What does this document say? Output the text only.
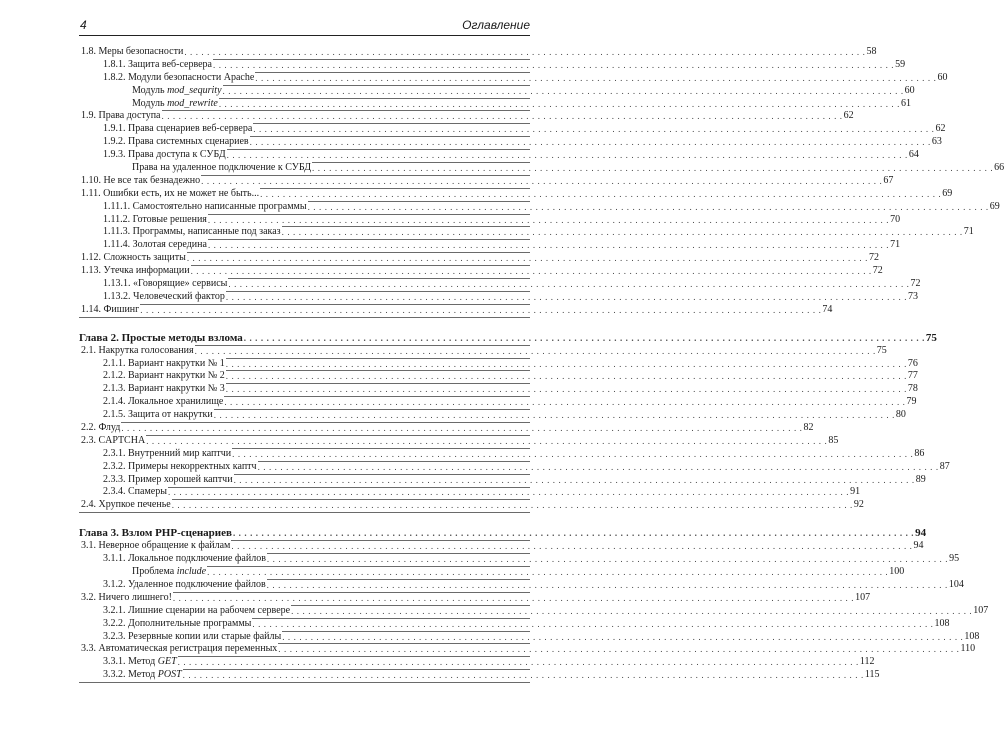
4	Оглавление
1.8. Меры безопасности . . . . . . . . . . . . . . . . . . . . . . . . . . . . . . . . . . . . . . . . . . . . . . . . . . . . . . . . . . . . . . . . . . . . . . . . . . . . . . . . . . . . . . . . . . . . . . . . . . . . . . . . . . . . . . . . . . . . . . . . 58
1.8.1. Защита веб-сервера . . . . . . . . . . . . . . . . . . . . . . . . . . . . . . . . . . . . . . . . . . . . . . . . . . . . . . . . . . . . . . . . . . . . . . . . . . . . . . . . . . . . . . . . . . . . . . . . . . . . . . . . . . . . . . . . . . . . . . . . 59
1.8.2. Модули безопасности Apache . . . . . . . . . . . . . . . . . . . . . . . . . . . . . . . . . . . . . . . . . . . . . . . . . . . . . . . . . . . . . . . . . . . . . . . . . . . . . . . . . . . . . . . . . . . . . . . . . . . . . . . . . . . . . . . . . . . . . . . . 60
Модуль mod_sequrity . . . . . . . . . . . . . . . . . . . . . . . . . . . . . . . . . . . . . . . . . . . . . . . . . . . . . . . . . . . . . . . . . . . . . . . . . . . . . . . . . . . . . . . . . . . . . . . . . . . . . . . . . . . . . . . . . . . . . . . . 60
Модуль mod_rewrite . . . . . . . . . . . . . . . . . . . . . . . . . . . . . . . . . . . . . . . . . . . . . . . . . . . . . . . . . . . . . . . . . . . . . . . . . . . . . . . . . . . . . . . . . . . . . . . . . . . . . . . . . . . . . . . . . . . . . . . . 61
1.9. Права доступа . . . . . . . . . . . . . . . . . . . . . . . . . . . . . . . . . . . . . . . . . . . . . . . . . . . . . . . . . . . . . . . . . . . . . . . . . . . . . . . . . . . . . . . . . . . . . . . . . . . . . . . . . . . . . . . . . . . . . . . . 62
1.9.1. Права сценариев веб-сервера . . . . . . . . . . . . . . . . . . . . . . . . . . . . . . . . . . . . . . . . . . . . . . . . . . . . . . . . . . . . . . . . . . . . . . . . . . . . . . . . . . . . . . . . . . . . . . . . . . . . . . . . . . . . . . . . . . . . . . . . 62
1.9.2. Права системных сценариев . . . . . . . . . . . . . . . . . . . . . . . . . . . . . . . . . . . . . . . . . . . . . . . . . . . . . . . . . . . . . . . . . . . . . . . . . . . . . . . . . . . . . . . . . . . . . . . . . . . . . . . . . . . . . . . . . . . . . . . . 63
1.9.3. Права доступа к СУБД . . . . . . . . . . . . . . . . . . . . . . . . . . . . . . . . . . . . . . . . . . . . . . . . . . . . . . . . . . . . . . . . . . . . . . . . . . . . . . . . . . . . . . . . . . . . . . . . . . . . . . . . . . . . . . . . . . . . . . . . 64
Права на удаленное подключение к СУБД . . . . . . . . . . . . . . . . . . . . . . . . . . . . . . . . . . . . . . . . . . . . . . . . . . . . . . . . . . . . . . . . . . . . . . . . . . . . . . . . . . . . . . . . . . . . . . . . . . . . . . . . . . . . . . . . . . . . . . . . 66
1.10. Не все так безнадежно . . . . . . . . . . . . . . . . . . . . . . . . . . . . . . . . . . . . . . . . . . . . . . . . . . . . . . . . . . . . . . . . . . . . . . . . . . . . . . . . . . . . . . . . . . . . . . . . . . . . . . . . . . . . . . . . . . . . . . . . 67
1.11. Ошибки есть, их не может не быть... . . . . . . . . . . . . . . . . . . . . . . . . . . . . . . . . . . . . . . . . . . . . . . . . . . . . . . . . . . . . . . . . . . . . . . . . . . . . . . . . . . . . . . . . . . . . . . . . . . . . . . . . . . . . . . . . . . . . . . . . 69
1.11.1. Самостоятельно написанные программы . . . . . . . . . . . . . . . . . . . . . . . . . . . . . . . . . . . . . . . . . . . . . . . . . . . . . . . . . . . . . . . . . . . . . . . . . . . . . . . . . . . . . . . . . . . . . . . . . . . . . . . . . . . . . . . . . . . . . . . . 69
1.11.2. Готовые решения . . . . . . . . . . . . . . . . . . . . . . . . . . . . . . . . . . . . . . . . . . . . . . . . . . . . . . . . . . . . . . . . . . . . . . . . . . . . . . . . . . . . . . . . . . . . . . . . . . . . . . . . . . . . . . . . . . . . . . . . 70
1.11.3. Программы, написанные под заказ . . . . . . . . . . . . . . . . . . . . . . . . . . . . . . . . . . . . . . . . . . . . . . . . . . . . . . . . . . . . . . . . . . . . . . . . . . . . . . . . . . . . . . . . . . . . . . . . . . . . . . . . . . . . . . . . . . . . . . . . 71
1.11.4. Золотая середина . . . . . . . . . . . . . . . . . . . . . . . . . . . . . . . . . . . . . . . . . . . . . . . . . . . . . . . . . . . . . . . . . . . . . . . . . . . . . . . . . . . . . . . . . . . . . . . . . . . . . . . . . . . . . . . . . . . . . . . . 71
1.12. Сложность защиты . . . . . . . . . . . . . . . . . . . . . . . . . . . . . . . . . . . . . . . . . . . . . . . . . . . . . . . . . . . . . . . . . . . . . . . . . . . . . . . . . . . . . . . . . . . . . . . . . . . . . . . . . . . . . . . . . . . . . . . . 72
1.13. Утечка информации . . . . . . . . . . . . . . . . . . . . . . . . . . . . . . . . . . . . . . . . . . . . . . . . . . . . . . . . . . . . . . . . . . . . . . . . . . . . . . . . . . . . . . . . . . . . . . . . . . . . . . . . . . . . . . . . . . . . . . . . 72
1.13.1. «Говорящие» сервисы . . . . . . . . . . . . . . . . . . . . . . . . . . . . . . . . . . . . . . . . . . . . . . . . . . . . . . . . . . . . . . . . . . . . . . . . . . . . . . . . . . . . . . . . . . . . . . . . . . . . . . . . . . . . . . . . . . . . . . . . 72
1.13.2. Человеческий фактор . . . . . . . . . . . . . . . . . . . . . . . . . . . . . . . . . . . . . . . . . . . . . . . . . . . . . . . . . . . . . . . . . . . . . . . . . . . . . . . . . . . . . . . . . . . . . . . . . . . . . . . . . . . . . . . . . . . . . . . . 73
1.14. Фишинг . . . . . . . . . . . . . . . . . . . . . . . . . . . . . . . . . . . . . . . . . . . . . . . . . . . . . . . . . . . . . . . . . . . . . . . . . . . . . . . . . . . . . . . . . . . . . . . . . . . . . . . . . . . . . . . . . . . . . . . . 74
Глава 2. Простые методы взлома . . . . . . . . . . . . . . . . . . . . . . . . . . . . . . . . . . . . . . . . . . . . . . . . . . . . . . . . . . . . . . . . . . . . . . . . . . . . . . . . . . . . . . . . . . . . . . . . . . . . . . . . . . . . . . . . . . . . . . . . 75
2.1. Накрутка голосования . . . . . . . . . . . . . . . . . . . . . . . . . . . . . . . . . . . . . . . . . . . . . . . . . . . . . . . . . . . . . . . . . . . . . . . . . . . . . . . . . . . . . . . . . . . . . . . . . . . . . . . . . . . . . . . . . . . . . . . . 75
2.1.1. Вариант накрутки № 1 . . . . . . . . . . . . . . . . . . . . . . . . . . . . . . . . . . . . . . . . . . . . . . . . . . . . . . . . . . . . . . . . . . . . . . . . . . . . . . . . . . . . . . . . . . . . . . . . . . . . . . . . . . . . . . . . . . . . . . . . 76
2.1.2. Вариант накрутки № 2 . . . . . . . . . . . . . . . . . . . . . . . . . . . . . . . . . . . . . . . . . . . . . . . . . . . . . . . . . . . . . . . . . . . . . . . . . . . . . . . . . . . . . . . . . . . . . . . . . . . . . . . . . . . . . . . . . . . . . . . . 77
2.1.3. Вариант накрутки № 3 . . . . . . . . . . . . . . . . . . . . . . . . . . . . . . . . . . . . . . . . . . . . . . . . . . . . . . . . . . . . . . . . . . . . . . . . . . . . . . . . . . . . . . . . . . . . . . . . . . . . . . . . . . . . . . . . . . . . . . . . 78
2.1.4. Локальное хранилище . . . . . . . . . . . . . . . . . . . . . . . . . . . . . . . . . . . . . . . . . . . . . . . . . . . . . . . . . . . . . . . . . . . . . . . . . . . . . . . . . . . . . . . . . . . . . . . . . . . . . . . . . . . . . . . . . . . . . . . . 79
2.1.5. Защита от накрутки . . . . . . . . . . . . . . . . . . . . . . . . . . . . . . . . . . . . . . . . . . . . . . . . . . . . . . . . . . . . . . . . . . . . . . . . . . . . . . . . . . . . . . . . . . . . . . . . . . . . . . . . . . . . . . . . . . . . . . . . 80
2.2. Флуд . . . . . . . . . . . . . . . . . . . . . . . . . . . . . . . . . . . . . . . . . . . . . . . . . . . . . . . . . . . . . . . . . . . . . . . . . . . . . . . . . . . . . . . . . . . . . . . . . . . . . . . . . . . . . . . . . . . . . . . . 82
2.3. CAPTCHA . . . . . . . . . . . . . . . . . . . . . . . . . . . . . . . . . . . . . . . . . . . . . . . . . . . . . . . . . . . . . . . . . . . . . . . . . . . . . . . . . . . . . . . . . . . . . . . . . . . . . . . . . . . . . . . . . . . . . . . . 85
2.3.1. Внутренний мир каптчи . . . . . . . . . . . . . . . . . . . . . . . . . . . . . . . . . . . . . . . . . . . . . . . . . . . . . . . . . . . . . . . . . . . . . . . . . . . . . . . . . . . . . . . . . . . . . . . . . . . . . . . . . . . . . . . . . . . . . . . . 86
2.3.2. Примеры некорректных каптч . . . . . . . . . . . . . . . . . . . . . . . . . . . . . . . . . . . . . . . . . . . . . . . . . . . . . . . . . . . . . . . . . . . . . . . . . . . . . . . . . . . . . . . . . . . . . . . . . . . . . . . . . . . . . . . . . . . . . . . . 87
2.3.3. Пример хорошей каптчи . . . . . . . . . . . . . . . . . . . . . . . . . . . . . . . . . . . . . . . . . . . . . . . . . . . . . . . . . . . . . . . . . . . . . . . . . . . . . . . . . . . . . . . . . . . . . . . . . . . . . . . . . . . . . . . . . . . . . . . . 89
2.3.4. Спамеры . . . . . . . . . . . . . . . . . . . . . . . . . . . . . . . . . . . . . . . . . . . . . . . . . . . . . . . . . . . . . . . . . . . . . . . . . . . . . . . . . . . . . . . . . . . . . . . . . . . . . . . . . . . . . . . . . . . . . . . . 91
2.4. Хрупкое печенье . . . . . . . . . . . . . . . . . . . . . . . . . . . . . . . . . . . . . . . . . . . . . . . . . . . . . . . . . . . . . . . . . . . . . . . . . . . . . . . . . . . . . . . . . . . . . . . . . . . . . . . . . . . . . . . . . . . . . . . . 92
Глава 3. Взлом PHP-сценариев . . . . . . . . . . . . . . . . . . . . . . . . . . . . . . . . . . . . . . . . . . . . . . . . . . . . . . . . . . . . . . . . . . . . . . . . . . . . . . . . . . . . . . . . . . . . . . . . . . . . . . . . . . . . . . . . . . . . . . . . 94
3.1. Неверное обращение к файлам . . . . . . . . . . . . . . . . . . . . . . . . . . . . . . . . . . . . . . . . . . . . . . . . . . . . . . . . . . . . . . . . . . . . . . . . . . . . . . . . . . . . . . . . . . . . . . . . . . . . . . . . . . . . . . . . . . . . . . . . 94
3.1.1. Локальное подключение файлов . . . . . . . . . . . . . . . . . . . . . . . . . . . . . . . . . . . . . . . . . . . . . . . . . . . . . . . . . . . . . . . . . . . . . . . . . . . . . . . . . . . . . . . . . . . . . . . . . . . . . . . . . . . . . . . . . . . . . . . . 95
Проблема include . . . . . . . . . . . . . . . . . . . . . . . . . . . . . . . . . . . . . . . . . . . . . . . . . . . . . . . . . . . . . . . . . . . . . . . . . . . . . . . . . . . . . . . . . . . . . . . . . . . . . . . . . . . . . . . . . . . . . . . . 100
3.1.2. Удаленное подключение файлов . . . . . . . . . . . . . . . . . . . . . . . . . . . . . . . . . . . . . . . . . . . . . . . . . . . . . . . . . . . . . . . . . . . . . . . . . . . . . . . . . . . . . . . . . . . . . . . . . . . . . . . . . . . . . . . . . . . . . . . . 104
3.2. Ничего лишнего! . . . . . . . . . . . . . . . . . . . . . . . . . . . . . . . . . . . . . . . . . . . . . . . . . . . . . . . . . . . . . . . . . . . . . . . . . . . . . . . . . . . . . . . . . . . . . . . . . . . . . . . . . . . . . . . . . . . . . . . . 107
3.2.1. Лишние сценарии на рабочем сервере . . . . . . . . . . . . . . . . . . . . . . . . . . . . . . . . . . . . . . . . . . . . . . . . . . . . . . . . . . . . . . . . . . . . . . . . . . . . . . . . . . . . . . . . . . . . . . . . . . . . . . . . . . . . . . . . . . . . . . . . 107
3.2.2. Дополнительные программы . . . . . . . . . . . . . . . . . . . . . . . . . . . . . . . . . . . . . . . . . . . . . . . . . . . . . . . . . . . . . . . . . . . . . . . . . . . . . . . . . . . . . . . . . . . . . . . . . . . . . . . . . . . . . . . . . . . . . . . . 108
3.2.3. Резервные копии или старые файлы . . . . . . . . . . . . . . . . . . . . . . . . . . . . . . . . . . . . . . . . . . . . . . . . . . . . . . . . . . . . . . . . . . . . . . . . . . . . . . . . . . . . . . . . . . . . . . . . . . . . . . . . . . . . . . . . . . . . . . . . 108
3.3. Автоматическая регистрация переменных . . . . . . . . . . . . . . . . . . . . . . . . . . . . . . . . . . . . . . . . . . . . . . . . . . . . . . . . . . . . . . . . . . . . . . . . . . . . . . . . . . . . . . . . . . . . . . . . . . . . . . . . . . . . . . . . . . . . . . . . 110
3.3.1. Метод GET . . . . . . . . . . . . . . . . . . . . . . . . . . . . . . . . . . . . . . . . . . . . . . . . . . . . . . . . . . . . . . . . . . . . . . . . . . . . . . . . . . . . . . . . . . . . . . . . . . . . . . . . . . . . . . . . . . . . . . . . 112
3.3.2. Метод POST . . . . . . . . . . . . . . . . . . . . . . . . . . . . . . . . . . . . . . . . . . . . . . . . . . . . . . . . . . . . . . . . . . . . . . . . . . . . . . . . . . . . . . . . . . . . . . . . . . . . . . . . . . . . . . . . . . . . . . . . 115
